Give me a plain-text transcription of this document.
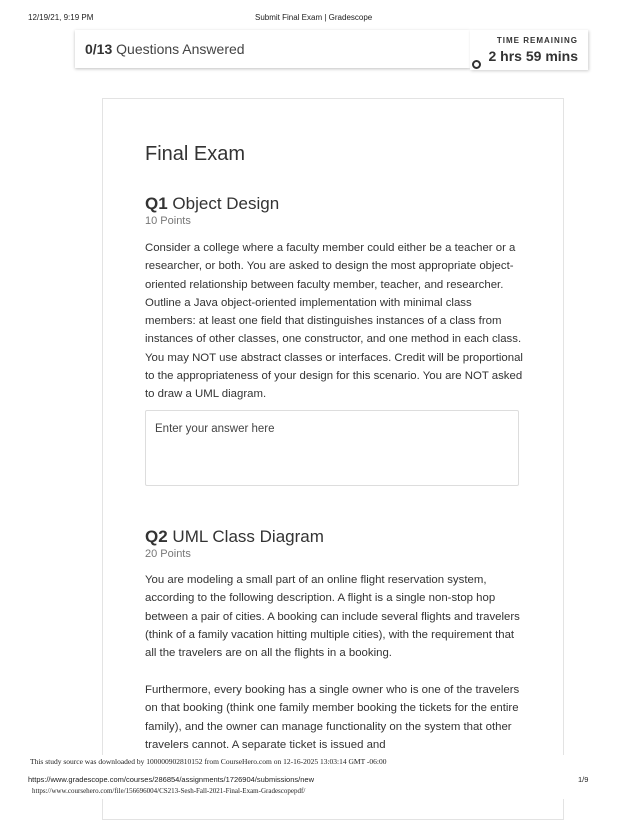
12/19/21, 9:19 PM	Submit Final Exam | Gradescope
0/13 Questions Answered
TIME REMAINING
2 hrs 59 mins
Final Exam
Q1 Object Design
10 Points
Consider a college where a faculty member could either be a teacher or a researcher, or both. You are asked to design the most appropriate object-oriented relationship between faculty member, teacher, and researcher. Outline a Java object-oriented implementation with minimal class members: at least one field that distinguishes instances of a class from instances of other classes, one constructor, and one method in each class. You may NOT use abstract classes or interfaces. Credit will be proportional to the appropriateness of your design for this scenario. You are NOT asked to draw a UML diagram.
Enter your answer here
Q2 UML Class Diagram
20 Points
You are modeling a small part of an online flight reservation system, according to the following description. A flight is a single non-stop hop between a pair of cities. A booking can include several flights and travelers (think of a family vacation hitting multiple cities), with the requirement that all the travelers are on all the flights in a booking.
Furthermore, every booking has a single owner who is one of the travelers on that booking (think one family member booking the tickets for the entire family), and the owner can manage functionality on the system that other travelers cannot. A separate ticket is issued and
This study source was downloaded by 100000902810152 from CourseHero.com on 12-16-2025 13:03:14 GMT -06:00
https://www.gradescope.com/courses/286854/assignments/1726904/submissions/new	1/9
https://www.coursehero.com/file/156696004/CS213-Sesh-Fall-2021-Final-Exam-Gradescopepdf/
